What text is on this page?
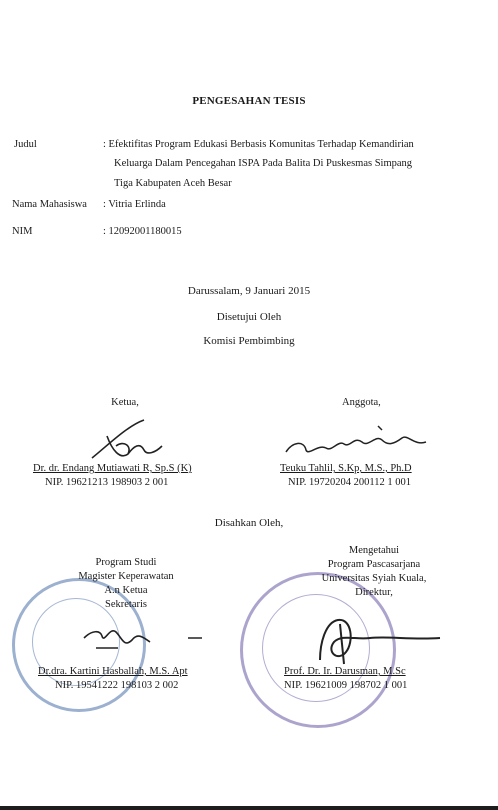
PENGESAHAN TESIS
Judul	: Efektifitas Program Edukasi Berbasis Komunitas Terhadap Kemandirian
Keluarga Dalam Pencegahan ISPA Pada Balita Di Puskesmas Simpang
Tiga Kabupaten Aceh Besar
Nama Mahasiswa : Vitria Erlinda
NIM	: 12092001180015
Darussalam, 9 Januari 2015
Disetujui Oleh
Komisi Pembimbing
Ketua,
Dr. dr. Endang Mutiawati R, Sp.S (K)
NIP. 19621213 198903 2 001
Anggota,
Teuku Tahlil, S.Kp, M.S., Ph.D
NIP. 19720204 200112 1 001
Disahkan Oleh,
Program Studi
Magister Keperawatan
A.n Ketua
Sekretaris
Dr.dra. Kartini Hasballah, M.S. Apt
NIP. 19541222 198103 2 002
Mengetahui
Program Pascasarjana
Universitas Syiah Kuala,
Direktur,
Prof. Dr. Ir. Darusman, M.Sc
NIP. 19621009 198702 1 001
